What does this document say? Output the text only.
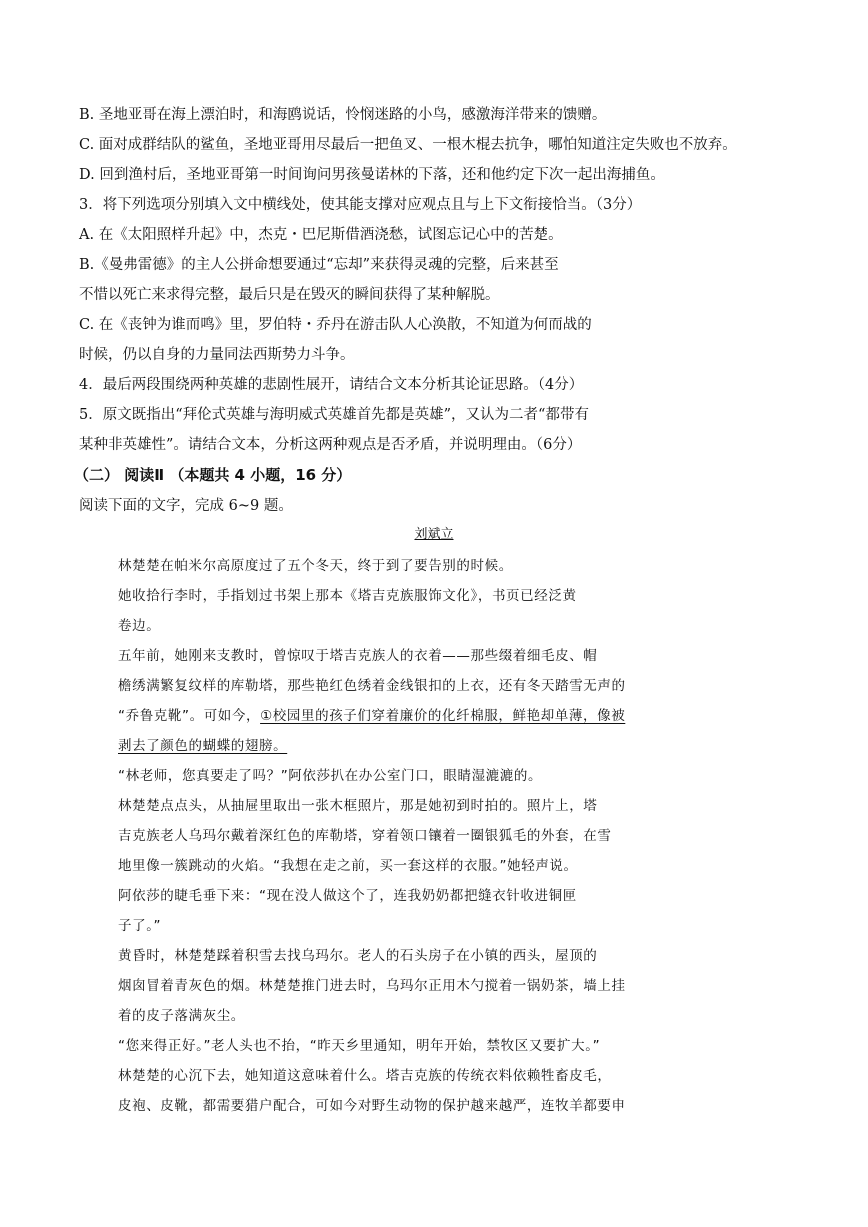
B. 圣地亚哥在海上漂泊时，和海鸥说话，怜悯迷路的小鸟，感激海洋带来的馈赠。

C. 面对成群结队的鲨鱼，圣地亚哥用尽最后一把鱼叉、一根木棍去抗争，哪怕知道注定失败也不放弃。

D. 回到渔村后，圣地亚哥第一时间询问男孩曼诺林的下落，还和他约定下次一起出海捕鱼。

3．将下列选项分别填入文中横线处，使其能支撑对应观点且与上下文衔接恰当。（3分）

A. 在《太阳照样升起》中，杰克・巴尼斯借酒浇愁，试图忘记心中的苦楚。

B.《曼弗雷德》的主人公拼命想要通过“忘却”来获得灵魂的完整，后来甚至

不惜以死亡来求得完整，最后只是在毁灭的瞬间获得了某种解脱。

C. 在《丧钟为谁而鸣》里，罗伯特・乔丹在游击队人心涣散，不知道为何而战的

时候，仍以自身的力量同法西斯势力斗争。

4．最后两段围绕两种英雄的悲剧性展开，请结合文本分析其论证思路。（4分）

5．原文既指出“拜伦式英雄与海明威式英雄首先都是英雄”，又认为二者“都带有

某种非英雄性”。请结合文本，分析这两种观点是否矛盾，并说明理由。（6分）

（二） 阅读Ⅱ （本题共 4 小题，16 分）

阅读下面的文字，完成 6~9 题。

刘斌立

林楚楚在帕米尔高原度过了五个冬天，终于到了要告别的时候。

她收拾行李时，手指划过书架上那本《塔吉克族服饰文化》，书页已经泛黄

卷边。

五年前，她刚来支教时，曾惊叹于塔吉克族人的衣着——那些缀着细毛皮、帽

檐绣满繁复纹样的库勒塔，那些艳红色绣着金线银扣的上衣，还有冬天踏雪无声的

“乔鲁克靴”。可如今，①校园里的孩子们穿着廉价的化纤棉服，鲜艳却单薄，像被

剥去了颜色的蝴蝶的翅膀。

“林老师，您真要走了吗？”阿依莎扒在办公室门口，眼睛湿漉漉的。

林楚楚点点头，从抽屉里取出一张木框照片，那是她初到时拍的。照片上，塔

吉克族老人乌玛尔戴着深红色的库勒塔，穿着领口镶着一圈银狐毛的外套，在雪

地里像一簇跳动的火焰。“我想在走之前，买一套这样的衣服。”她轻声说。

阿依莎的睫毛垂下来：“现在没人做这个了，连我奶奶都把缝衣针收进铜匣

子了。”

黄昏时，林楚楚踩着积雪去找乌玛尔。老人的石头房子在小镇的西头，屋顶的

烟囱冒着青灰色的烟。林楚楚推门进去时，乌玛尔正用木勺搅着一锅奶茶，墙上挂

着的皮子落满灰尘。

“您来得正好。”老人头也不抬，“昨天乡里通知，明年开始，禁牧区又要扩大。”

林楚楚的心沉下去，她知道这意味着什么。塔吉克族的传统衣料依赖牲畜皮毛，

皮袍、皮靴，都需要猎户配合，可如今对野生动物的保护越来越严，连牧羊都要申
